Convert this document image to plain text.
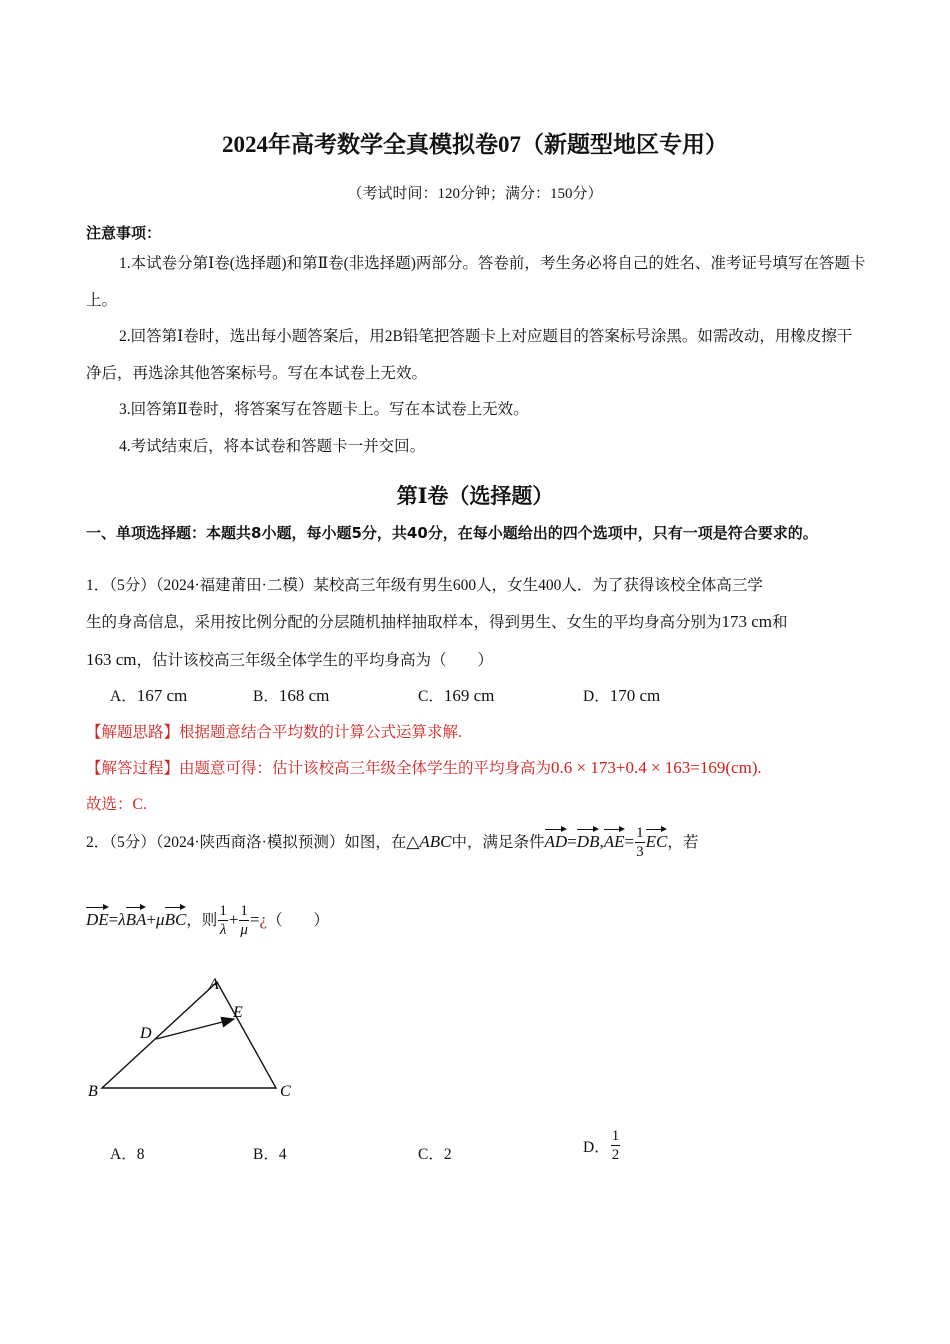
2024年高考数学全真模拟卷07（新题型地区专用）
（考试时间：120分钟；满分：150分）
注意事项：
1.本试卷分第Ⅰ卷(选择题)和第Ⅱ卷(非选择题)两部分。答卷前，考生务必将自己的姓名、准考证号填写在答题卡上。
2.回答第Ⅰ卷时，选出每小题答案后，用2B铅笔把答题卡上对应题目的答案标号涂黑。如需改动，用橡皮擦干净后，再选涂其他答案标号。写在本试卷上无效。
3.回答第Ⅱ卷时，将答案写在答题卡上。写在本试卷上无效。
4.考试结束后，将本试卷和答题卡一并交回。
第Ⅰ卷（选择题）
一、单项选择题：本题共8小题，每小题5分，共40分，在每小题给出的四个选项中，只有一项是符合要求的。
1．（5分）（2024·福建莆田·二模）某校高三年级有男生600人，女生400人．为了获得该校全体高三学
生的身高信息，采用按比例分配的分层随机抽样抽取样本，得到男生、女生的平均身高分别为173 cm和
163 cm，估计该校高三年级全体学生的平均身高为（　　）
A．167 cm	B．168 cm	C．169 cm	D．170 cm
【解题思路】根据题意结合平均数的计算公式运算求解.
【解答过程】由题意可得：估计该校高三年级全体学生的平均身高为0.6 × 173+0.4 × 163=169(cm).
故选：C.
2．（5分）（2024·陕西商洛·模拟预测）如图，在△ABC中，满足条件$AD=DB,AE= \frac{1}{3}$ EC，若
DE=λBA+μBC，则 $\frac{1}{\lambda} + \frac{1}{\mu}$ =¿（　　）
A
B	C
D
E
A．8	B．4	C．2	D． $\frac{1}{2}$
